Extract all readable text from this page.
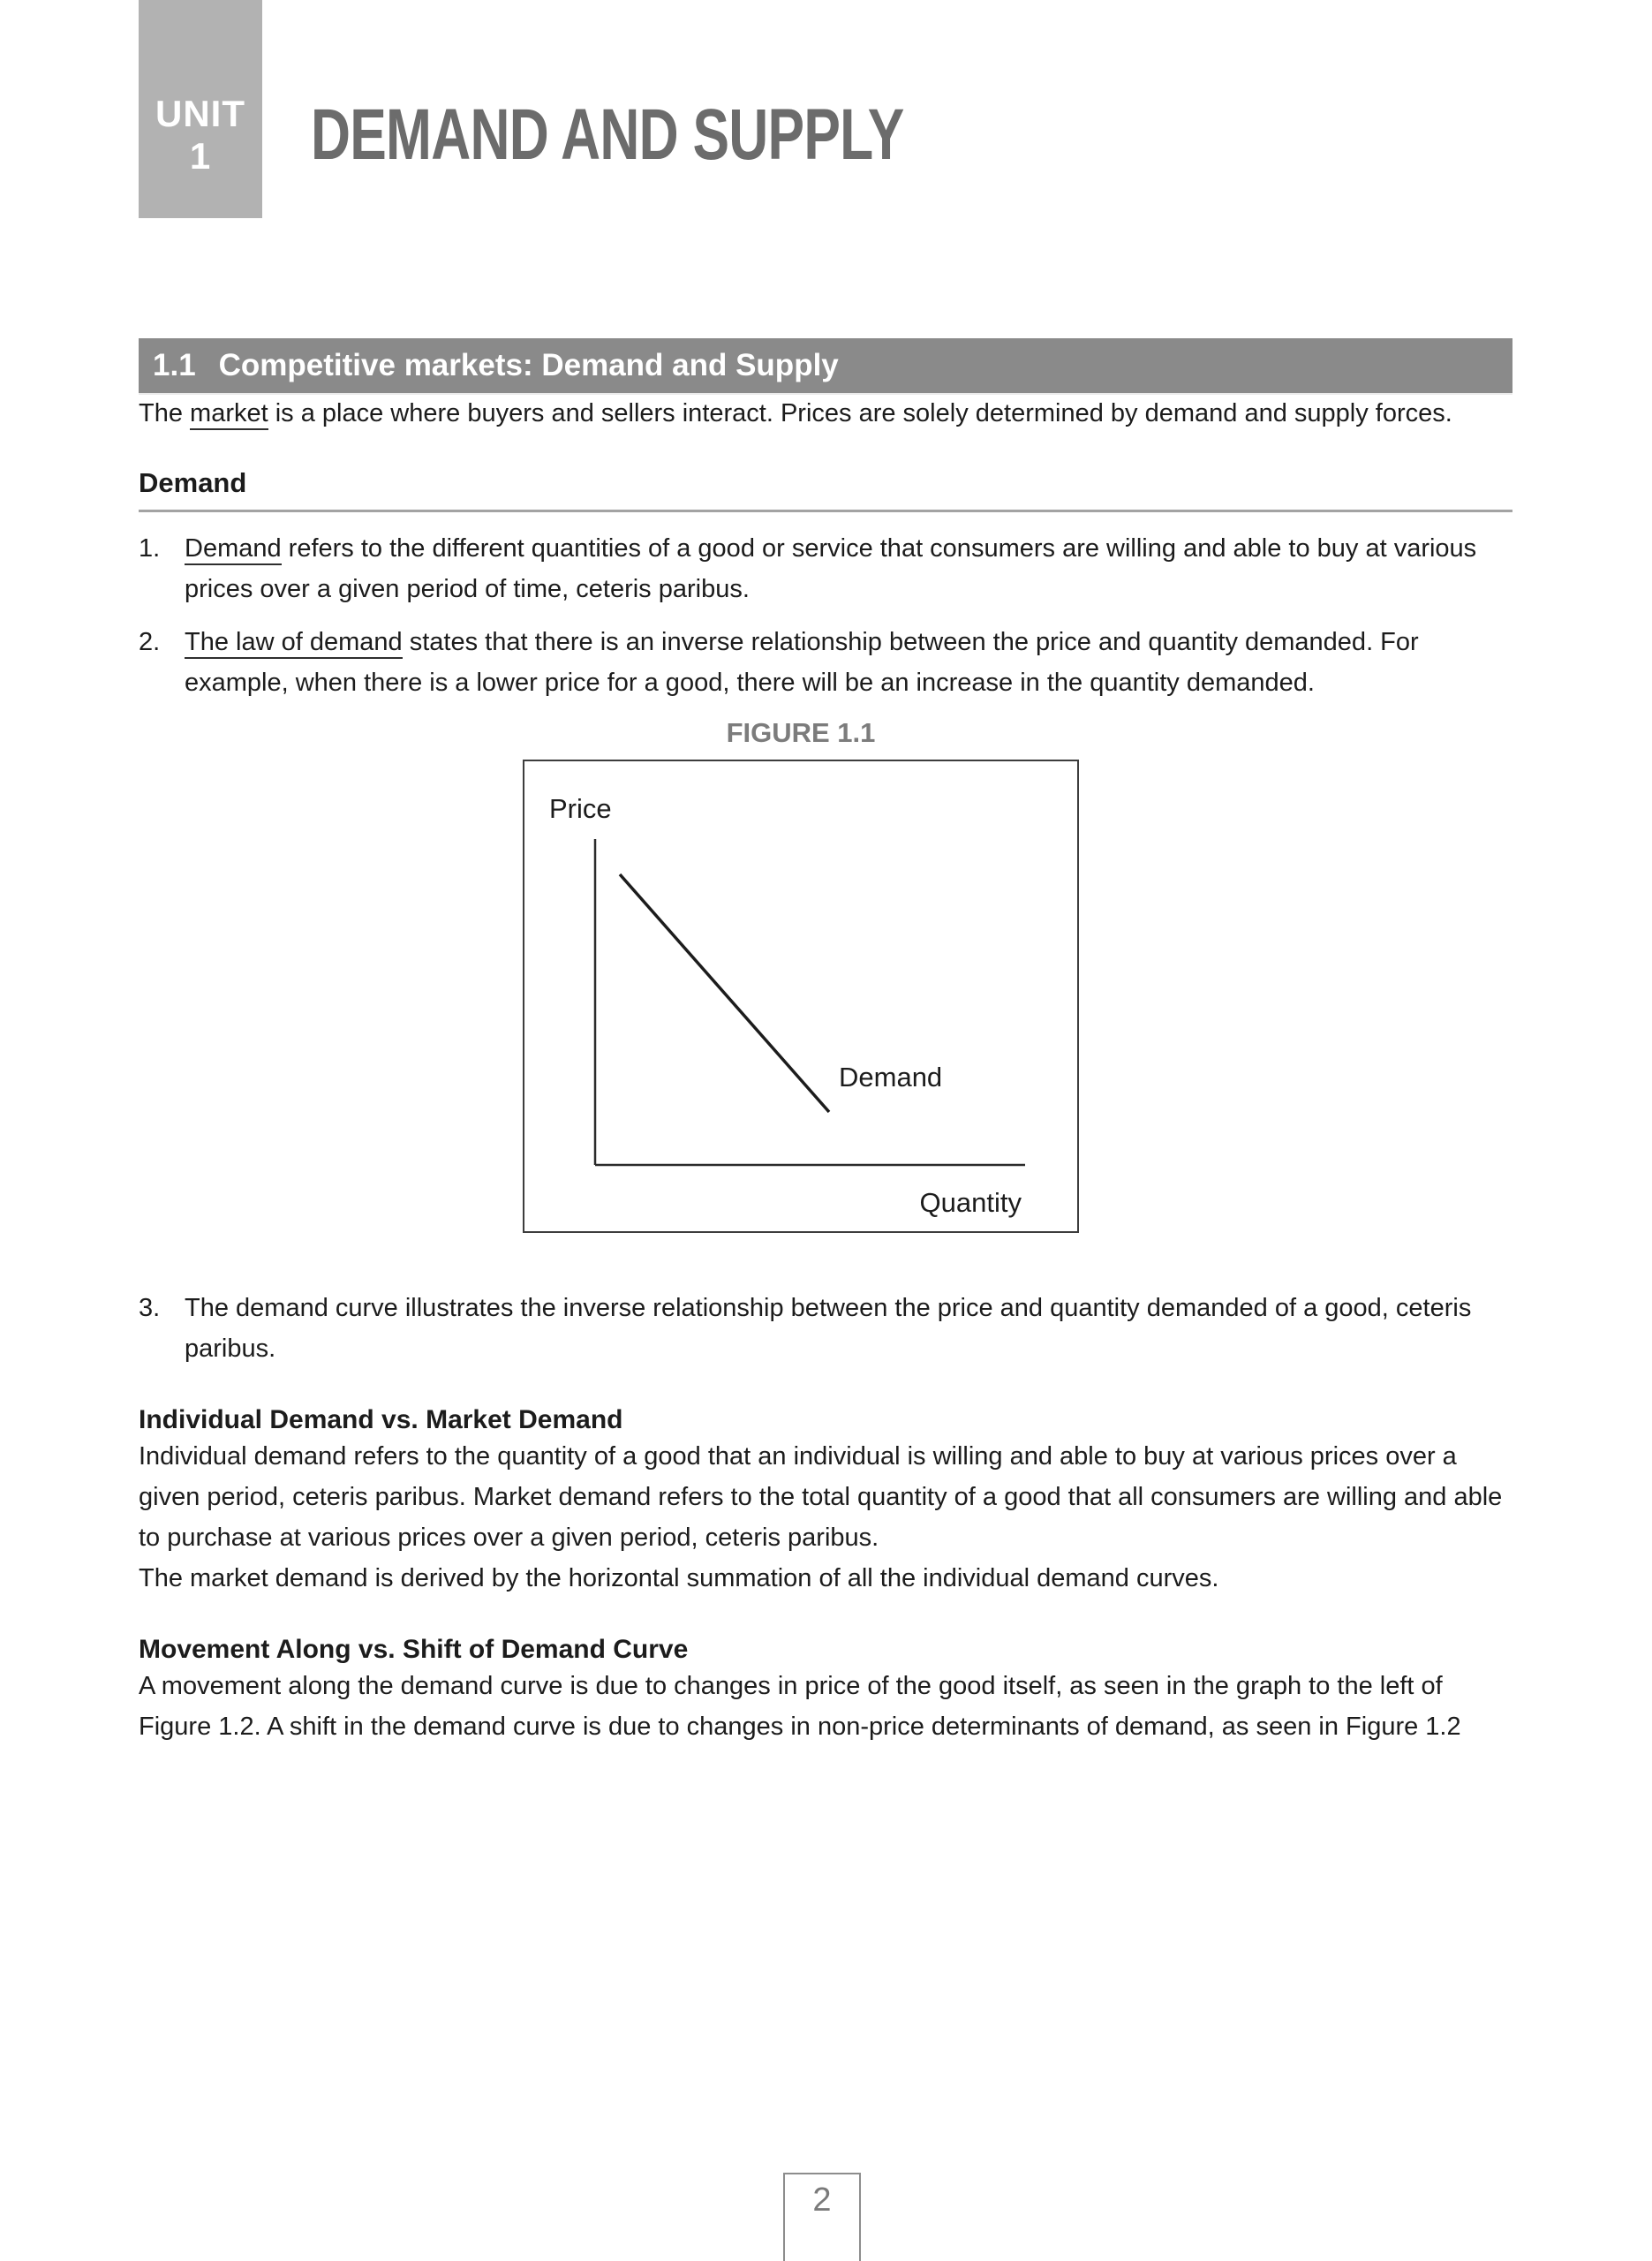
UNIT
1 DEMAND AND SUPPLY
1.1 Competitive markets: Demand and Supply

The market is a place where buyers and sellers interact. Prices are solely determined by demand and supply forces.

Demand
1. Demand refers to the different quantities of a good or service that consumers are willing and able to buy at various prices over a given period of time, ceteris paribus.
2. The law of demand states that there is an inverse relationship between the price and quantity demanded. For example, when there is a lower price for a good, there will be an increase in the quantity demanded.
FIGURE 1.1
Price
Demand
Quantity
3. The demand curve illustrates the inverse relationship between the price and quantity demanded of a good, ceteris paribus.
Individual Demand vs. Market Demand

Individual demand refers to the quantity of a good that an individual is willing and able to buy at various prices over a given period, ceteris paribus. Market demand refers to the total quantity of a good that all consumers are willing and able to purchase at various prices over a given period, ceteris paribus.

The market demand is derived by the horizontal summation of all the individual demand curves.

Movement Along vs. Shift of Demand Curve

A movement along the demand curve is due to changes in price of the good itself, as seen in the graph to the left of Figure 1.2. A shift in the demand curve is due to changes in non-price determinants of demand, as seen in Figure 1.2

2
